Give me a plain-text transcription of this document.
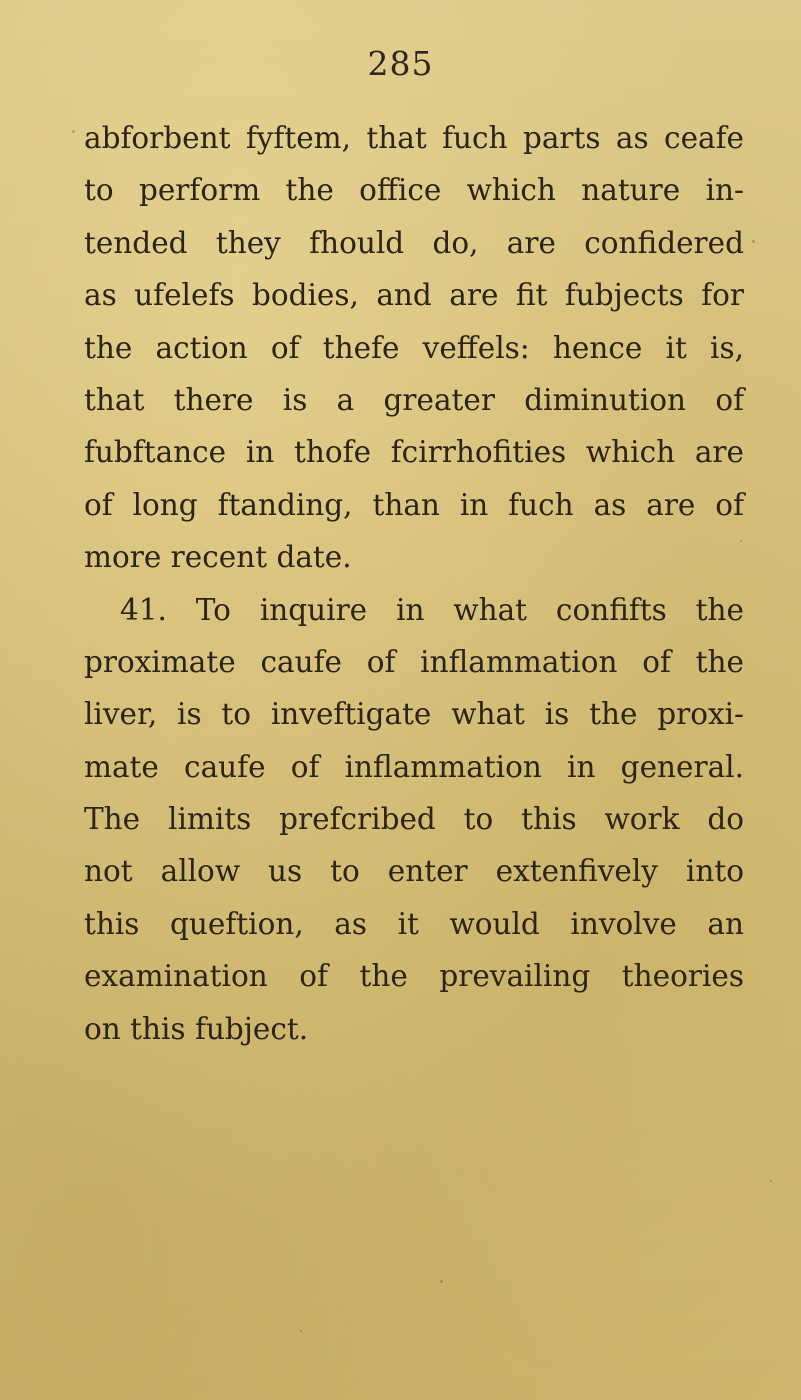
285
abforbent fyftem, that fuch parts as ceafe
to perform the office which nature in-
tended they fhould do, are confidered
as ufelefs bodies, and are fit fubjects for
the action of thefe veffels: hence it is,
that there is a greater diminution of
fubftance in thofe fcirrhofities which are
of long ftanding, than in fuch as are of
more recent date.
41. To inquire in what confifts the
proximate caufe of inflammation of the
liver, is to inveftigate what is the proxi-
mate caufe of inflammation in general.
The limits prefcribed to this work do
not allow us to enter extenfively into
this queftion, as it would involve an
examination of the prevailing theories
on this fubject.
